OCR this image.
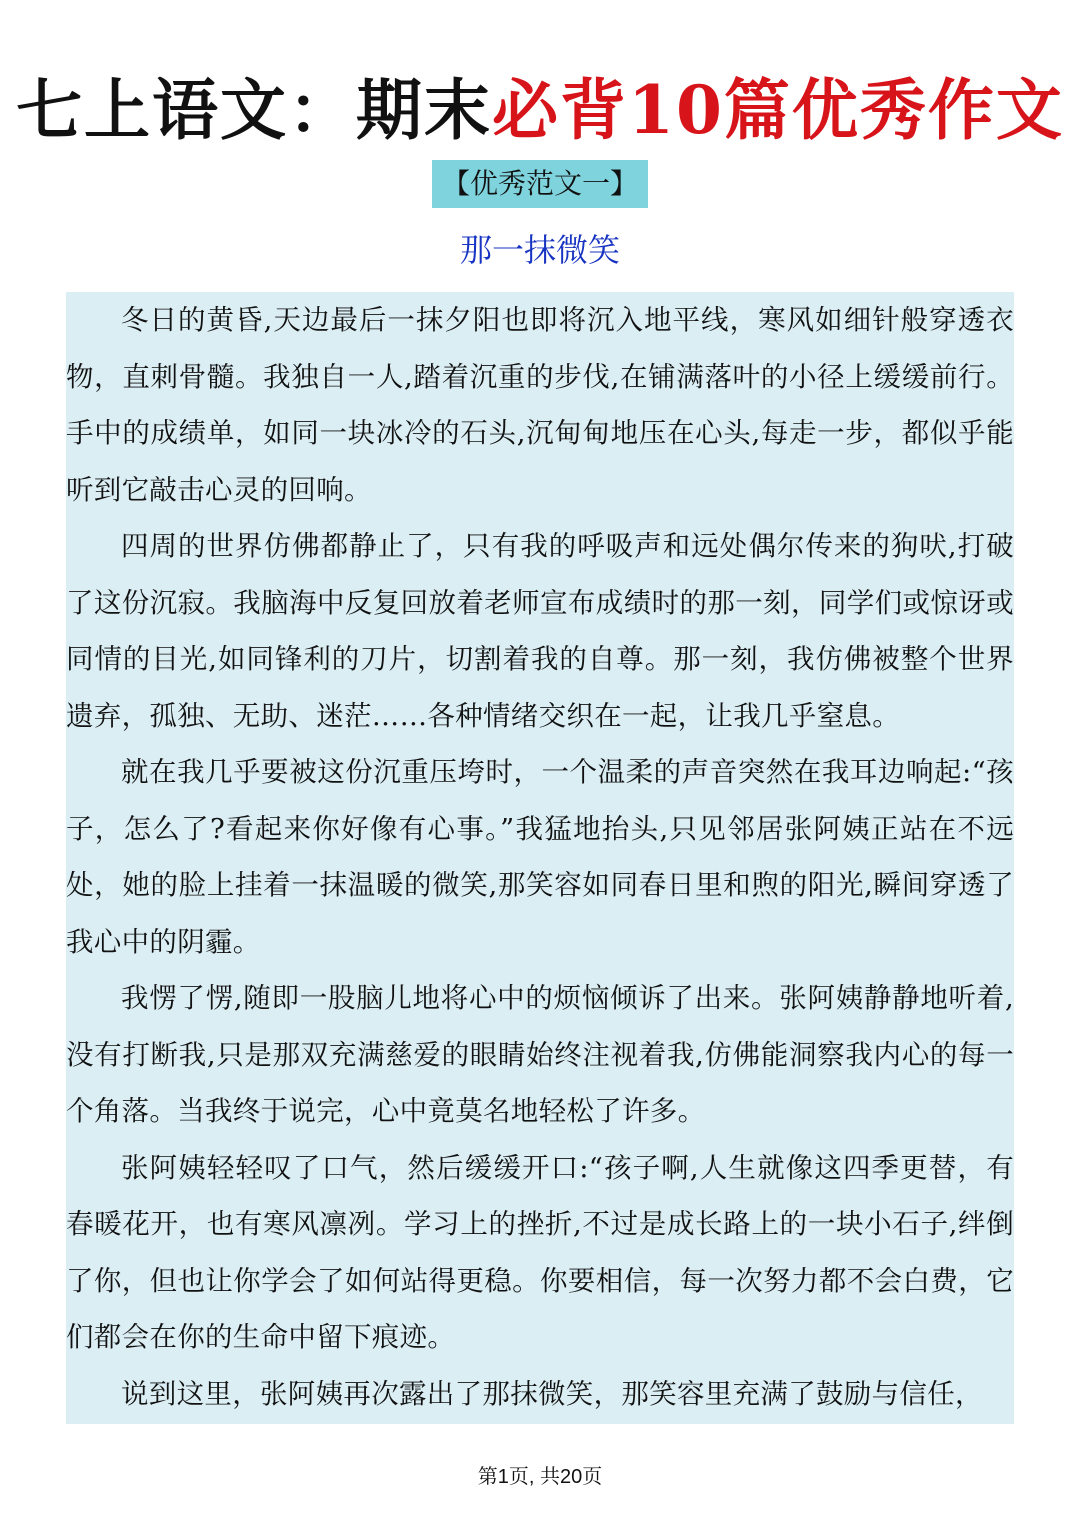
七上语文：期末必背10篇优秀作文
【优秀范文一】
那一抹微笑

冬日的黄昏,天边最后一抹夕阳也即将沉入地平线，寒风如细针般穿透衣物，直刺骨髓。我独自一人,踏着沉重的步伐,在铺满落叶的小径上缓缓前行。手中的成绩单，如同一块冰冷的石头,沉甸甸地压在心头,每走一步，都似乎能听到它敲击心灵的回响。

四周的世界仿佛都静止了，只有我的呼吸声和远处偶尔传来的狗吠,打破了这份沉寂。我脑海中反复回放着老师宣布成绩时的那一刻，同学们或惊讶或同情的目光,如同锋利的刀片，切割着我的自尊。那一刻，我仿佛被整个世界遗弃，孤独、无助、迷茫……各种情绪交织在一起，让我几乎窒息。

就在我几乎要被这份沉重压垮时，一个温柔的声音突然在我耳边响起:“孩子，怎么了?看起来你好像有心事。”我猛地抬头,只见邻居张阿姨正站在不远处，她的脸上挂着一抹温暖的微笑,那笑容如同春日里和煦的阳光,瞬间穿透了我心中的阴霾。

我愣了愣,随即一股脑儿地将心中的烦恼倾诉了出来。张阿姨静静地听着,没有打断我,只是那双充满慈爱的眼睛始终注视着我,仿佛能洞察我内心的每一个角落。当我终于说完，心中竟莫名地轻松了许多。

张阿姨轻轻叹了口气，然后缓缓开口:“孩子啊,人生就像这四季更替，有春暖花开，也有寒风凛冽。学习上的挫折,不过是成长路上的一块小石子,绊倒了你，但也让你学会了如何站得更稳。你要相信，每一次努力都不会白费，它们都会在你的生命中留下痕迹。

说到这里，张阿姨再次露出了那抹微笑，那笑容里充满了鼓励与信任，

第1页, 共20页
